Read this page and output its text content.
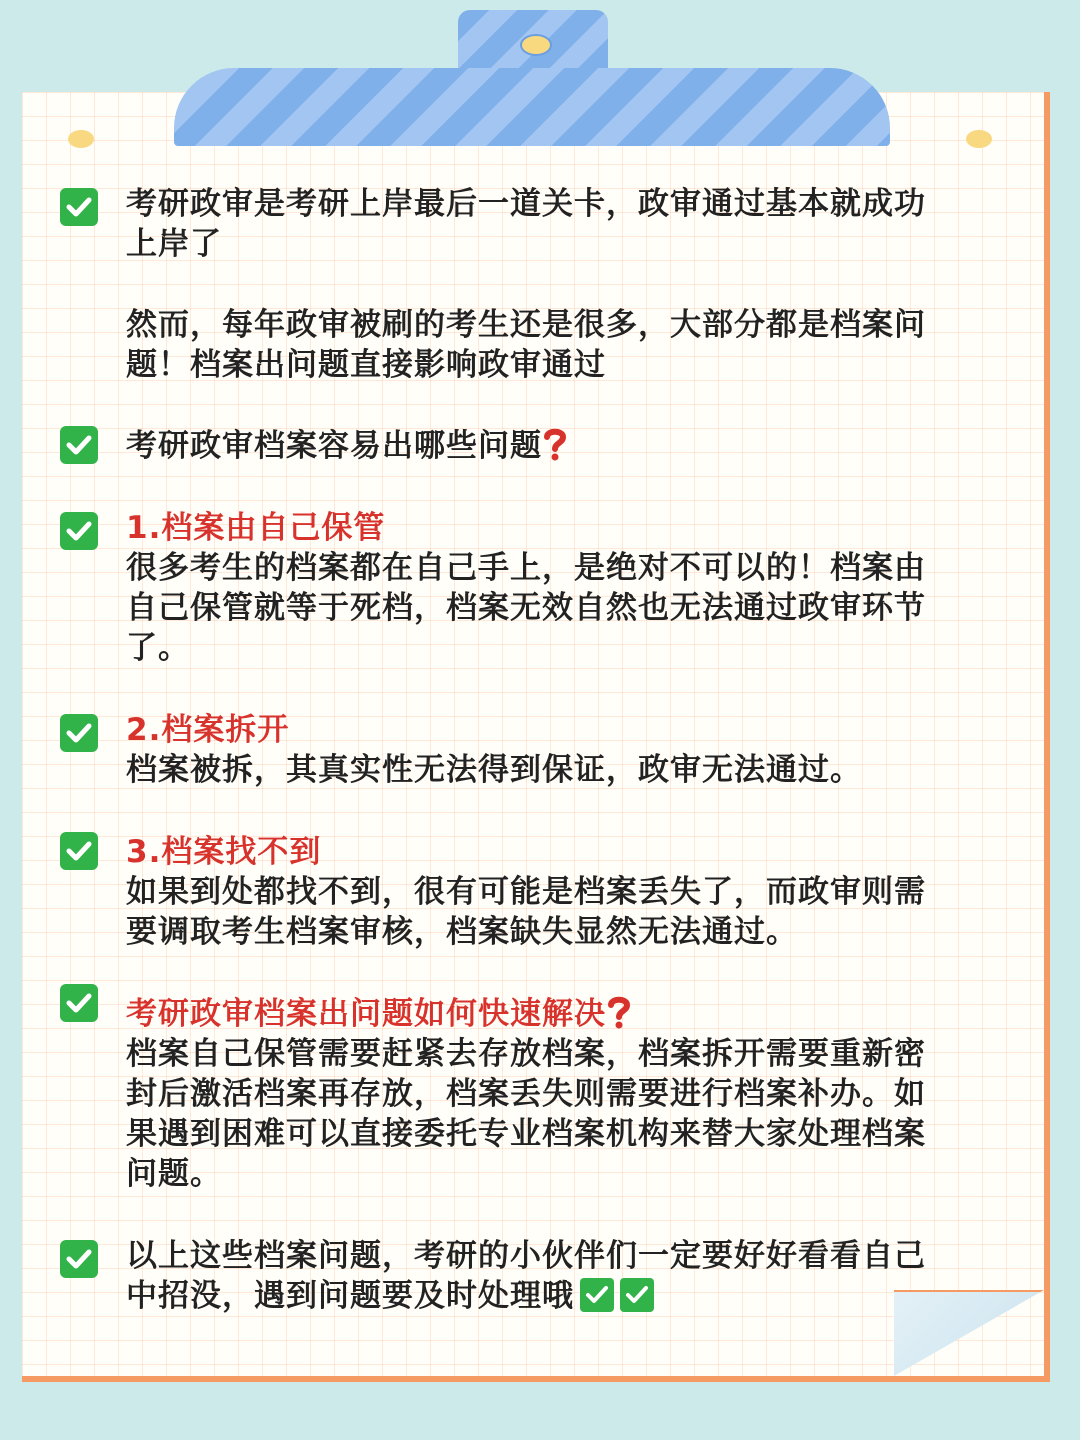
考研政审是考研上岸最后一道关卡，政审通过基本就成功
上岸了
然而，每年政审被刷的考生还是很多，大部分都是档案问
题！档案出问题直接影响政审通过
考研政审档案容易出哪些问题
1.档案由自己保管
很多考生的档案都在自己手上，是绝对不可以的！档案由
自己保管就等于死档，档案无效自然也无法通过政审环节
了。
2.档案拆开
档案被拆，其真实性无法得到保证，政审无法通过。
3.档案找不到
如果到处都找不到，很有可能是档案丢失了，而政审则需
要调取考生档案审核，档案缺失显然无法通过。
考研政审档案出问题如何快速解决
档案自己保管需要赶紧去存放档案，档案拆开需要重新密
封后激活档案再存放，档案丢失则需要进行档案补办。如
果遇到困难可以直接委托专业档案机构来替大家处理档案
问题。
以上这些档案问题，考研的小伙伴们一定要好好看看自己
中招没，遇到问题要及时处理哦
